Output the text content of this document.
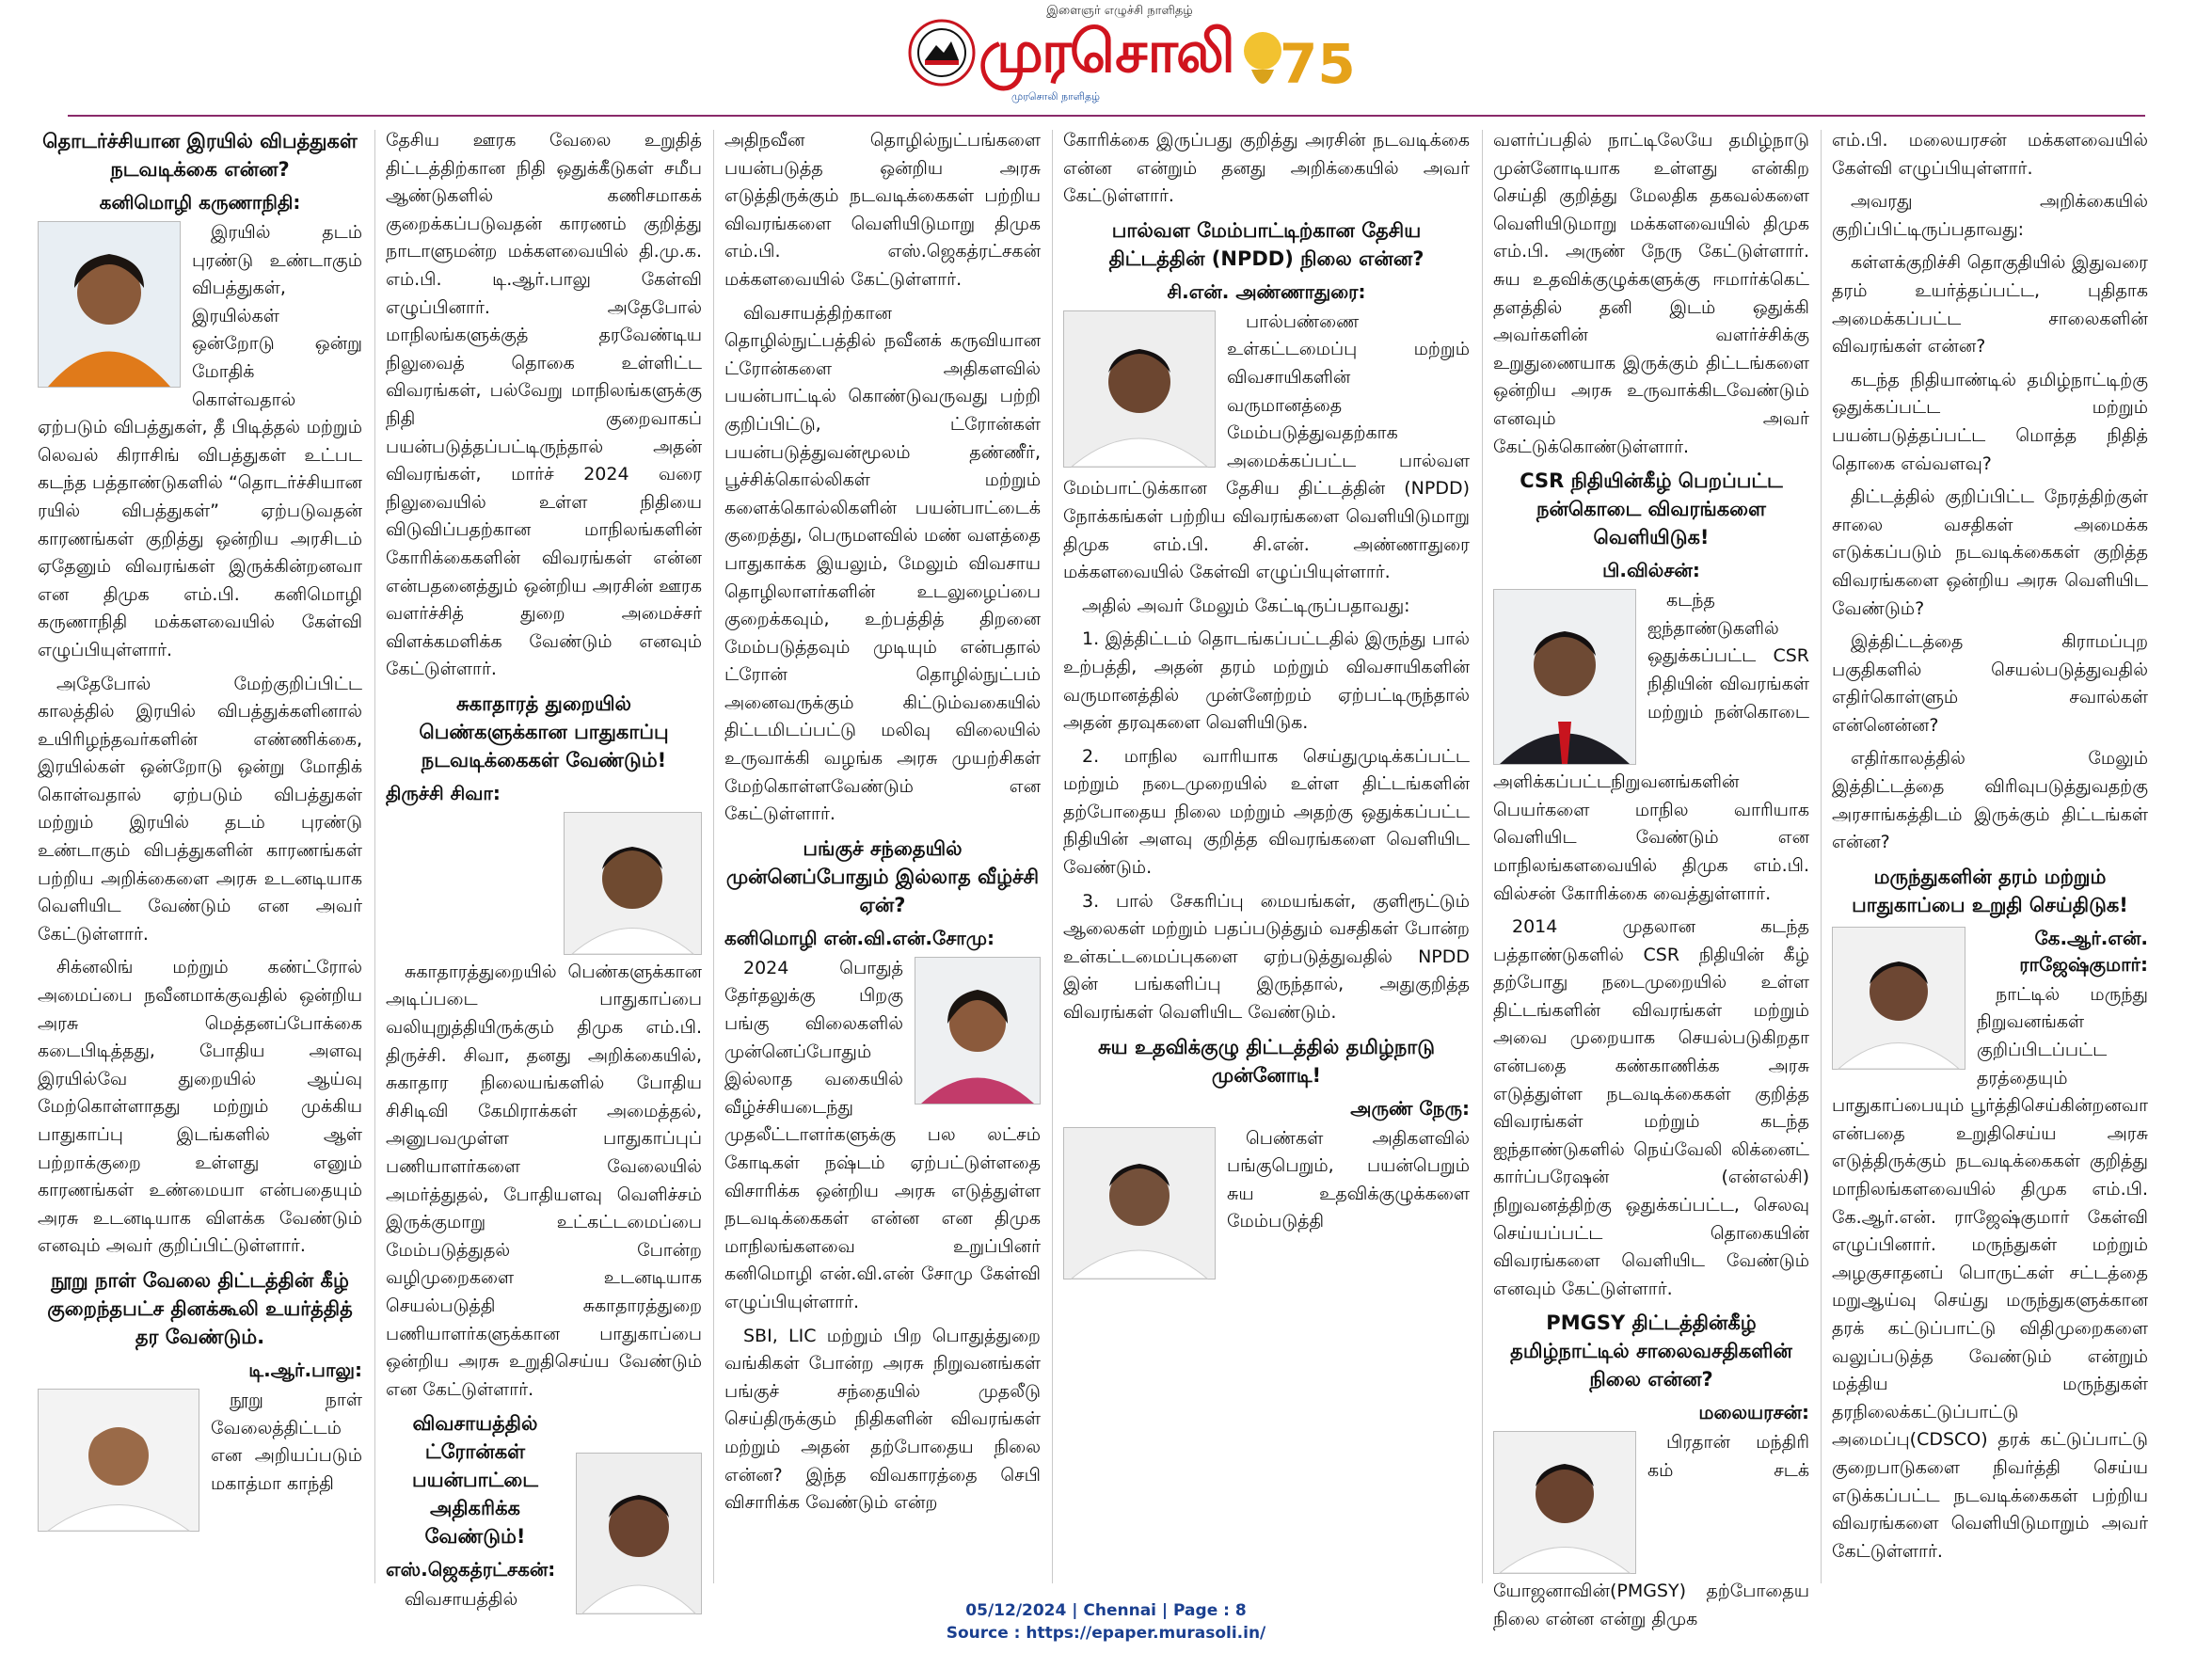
இளைஞர் எழுச்சி நாளிதழ்
முரசொலி
முரசொலி நாளிதழ்
75
தொடர்ச்சியான இரயில் விபத்துகள் நடவடிக்கை என்ன?
கனிமொழி கருணாநிதி:

இரயில் தடம் புரண்டு உண்டாகும் விபத்துகள், இரயில்கள் ஒன்றோடு ஒன்று மோதிக் கொள்வதால் ஏற்படும் விபத்துகள், தீ பிடித்தல் மற்றும் லெவல் கிராசிங் விபத்துகள் உட்பட கடந்த பத்தாண்டுகளில் “தொடர்ச்சியான ரயில் விபத்துகள்” ஏற்படுவதன் காரணங்கள் குறித்து ஒன்றிய அரசிடம் ஏதேனும் விவரங்கள் இருக்கின்றனவா என திமுக எம்.பி. கனிமொழி கருணாநிதி மக்களவையில் கேள்வி எழுப்பியுள்ளார்.

அதேபோல் மேற்குறிப்பிட்ட காலத்தில் இரயில் விபத்துக்களினால் உயிரிழந்தவர்களின் எண்ணிக்கை, இரயில்கள் ஒன்றோடு ஒன்று மோதிக் கொள்வதால் ஏற்படும் விபத்துகள் மற்றும் இரயில் தடம் புரண்டு உண்டாகும் விபத்துகளின் காரணங்கள் பற்றிய அறிக்கைளை அரசு உடனடியாக வெளியிட வேண்டும் என அவர் கேட்டுள்ளார்.

சிக்னலிங் மற்றும் கண்ட்ரோல் அமைப்பை நவீனமாக்குவதில் ஒன்றிய அரசு மெத்தனப்போக்கை கடைபிடித்தது, போதிய அளவு இரயில்வே துறையில் ஆய்வு மேற்கொள்ளாதது மற்றும் முக்கிய பாதுகாப்பு இடங்களில் ஆள் பற்றாக்குறை உள்ளது எனும் காரணங்கள் உண்மையா என்பதையும் அரசு உடனடியாக விளக்க வேண்டும் எனவும் அவர் குறிப்பிட்டுள்ளார்.

நூறு நாள் வேலை திட்டத்தின் கீழ் குறைந்தபட்ச தினக்கூலி உயர்த்தித் தர வேண்டும்.
டி.ஆர்.பாலு:

நூறு நாள் வேலைத்திட்டம் என அறியப்படும் மகாத்மா காந்தி

தேசிய ஊரக வேலை உறுதித் திட்டத்திற்கான நிதி ஒதுக்கீடுகள் சமீப ஆண்டுகளில் கணிசமாகக் குறைக்கப்படுவதன் காரணம் குறித்து நாடாளுமன்ற மக்களவையில் தி.மு.க. எம்.பி. டி.ஆர்.பாலு கேள்வி எழுப்பினார். அதேபோல் மாநிலங்களுக்குத் தரவேண்டிய நிலுவைத் தொகை உள்ளிட்ட விவரங்கள், பல்வேறு மாநிலங்களுக்கு நிதி குறைவாகப் பயன்படுத்தப்பட்டிருந்தால் அதன் விவரங்கள், மார்ச் 2024 வரை நிலுவையில் உள்ள நிதியை விடுவிப்பதற்கான மாநிலங்களின் கோரிக்கைகளின் விவரங்கள் என்ன என்பதனைத்தும் ஒன்றிய அரசின் ஊரக வளர்ச்சித் துறை அமைச்சர் விளக்கமளிக்க வேண்டும் எனவும் கேட்டுள்ளார்.

சுகாதாரத் துறையில் பெண்களுக்கான பாதுகாப்பு நடவடிக்கைகள் வேண்டும்!
திருச்சி சிவா:

சுகாதாரத்துறையில் பெண்களுக்கான அடிப்படை பாதுகாப்பை வலியுறுத்தியிருக்கும் திமுக எம்.பி. திருச்சி. சிவா, தனது அறிக்கையில், சுகாதார நிலையங்களில் போதிய சிசிடிவி கேமிராக்கள் அமைத்தல், அனுபவமுள்ள பாதுகாப்புப் பணியாளர்களை வேலையில் அமர்த்துதல், போதியளவு வெளிச்சம் இருக்குமாறு உட்கட்டமைப்பை மேம்படுத்துதல் போன்ற வழிமுறைகளை உடனடியாக செயல்படுத்தி சுகாதாரத்துறை பணியாளர்களுக்கான பாதுகாப்பை ஒன்றிய அரசு உறுதிசெய்ய வேண்டும் என கேட்டுள்ளார்.

விவசாயத்தில் ட்ரோன்கள் பயன்பாட்டை அதிகரிக்க வேண்டும்!
எஸ்.ஜெகத்ரட்சகன்:

விவசாயத்தில்

அதிநவீன தொழில்நுட்பங்களை பயன்படுத்த ஒன்றிய அரசு எடுத்திருக்கும் நடவடிக்கைகள் பற்றிய விவரங்களை வெளியிடுமாறு திமுக எம்.பி. எஸ்.ஜெகத்ரட்சகன் மக்களவையில் கேட்டுள்ளார்.

விவசாயத்திற்கான தொழில்நுட்பத்தில் நவீனக் கருவியான ட்ரோன்களை அதிகளவில் பயன்பாட்டில் கொண்டுவருவது பற்றி குறிப்பிட்டு, ட்ரோன்கள் பயன்படுத்துவன்மூலம் தண்ணீர், பூச்சிக்கொல்லிகள் மற்றும் களைக்கொல்லிகளின் பயன்பாட்டைக் குறைத்து, பெருமளவில் மண் வளத்தை பாதுகாக்க இயலும், மேலும் விவசாய தொழிலாளர்களின் உடலுழைப்பை குறைக்கவும், உற்பத்தித் திறனை மேம்படுத்தவும் முடியும் என்பதால் ட்ரோன் தொழில்நுட்பம் அனைவருக்கும் கிட்டும்வகையில் திட்டமிடப்பட்டு மலிவு விலையில் உருவாக்கி வழங்க அரசு முயற்சிகள் மேற்கொள்ளவேண்டும் என கேட்டுள்ளார்.

பங்குச் சந்தையில் முன்னெப்போதும் இல்லாத வீழ்ச்சி ஏன்?
கனிமொழி என்.வி.என்.சோமு:

2024 பொதுத் தேர்தலுக்கு பிறகு பங்கு விலைகளில் முன்னெப்போதும் இல்லாத வகையில் வீழ்ச்சியடைந்து முதலீட்டாளர்களுக்கு பல லட்சம் கோடிகள் நஷ்டம் ஏற்பட்டுள்ளதை விசாரிக்க ஒன்றிய அரசு எடுத்துள்ள நடவடிக்கைகள் என்ன என திமுக மாநிலங்களவை உறுப்பினர் கனிமொழி என்.வி.என் சோமு கேள்வி எழுப்பியுள்ளார்.

SBI, LIC மற்றும் பிற பொதுத்துறை வங்கிகள் போன்ற அரசு நிறுவனங்கள் பங்குச் சந்தையில் முதலீடு செய்திருக்கும் நிதிகளின் விவரங்கள் மற்றும் அதன் தற்போதைய நிலை என்ன? இந்த விவகாரத்தை செபி விசாரிக்க வேண்டும் என்ற

கோரிக்கை இருப்பது குறித்து அரசின் நடவடிக்கை என்ன என்றும் தனது அறிக்கையில் அவர் கேட்டுள்ளார்.

பால்வள மேம்பாட்டிற்கான தேசிய திட்டத்தின் (NPDD) நிலை என்ன?
சி.என். அண்ணாதுரை:

பால்பண்ணை உள்கட்டமைப்பு மற்றும் விவசாயிகளின் வருமானத்தை மேம்படுத்துவதற்காக அமைக்கப்பட்ட பால்வள மேம்பாட்டுக்கான தேசிய திட்டத்தின் (NPDD) நோக்கங்கள் பற்றிய விவரங்களை வெளியிடுமாறு திமுக எம்.பி. சி.என். அண்ணாதுரை மக்களவையில் கேள்வி எழுப்பியுள்ளார்.

அதில் அவர் மேலும் கேட்டிருப்பதாவது:

1. இத்திட்டம் தொடங்கப்பட்டதில் இருந்து பால் உற்பத்தி, அதன் தரம் மற்றும் விவசாயிகளின் வருமானத்தில் முன்னேற்றம் ஏற்பட்டிருந்தால் அதன் தரவுகளை வெளியிடுக.

2. மாநில வாரியாக செய்துமுடிக்கப்பட்ட மற்றும் நடைமுறையில் உள்ள திட்டங்களின் தற்போதைய நிலை மற்றும் அதற்கு ஒதுக்கப்பட்ட நிதியின் அளவு குறித்த விவரங்களை வெளியிட வேண்டும்.

3. பால் சேகரிப்பு மையங்கள், குளிரூட்டும் ஆலைகள் மற்றும் பதப்படுத்தும் வசதிகள் போன்ற உள்கட்டமைப்புகளை ஏற்படுத்துவதில் NPDD இன் பங்களிப்பு இருந்தால், அதுகுறித்த விவரங்கள் வெளியிட வேண்டும்.

சுய உதவிக்குழு திட்டத்தில் தமிழ்நாடு முன்னோடி!
அருண் நேரு:

பெண்கள் அதிகளவில் பங்குபெறும், பயன்பெறும் சுய உதவிக்குழுக்களை மேம்படுத்தி

வளர்ப்பதில் நாட்டிலேயே தமிழ்நாடு முன்னோடியாக உள்ளது என்கிற செய்தி குறித்து மேலதிக தகவல்களை வெளியிடுமாறு மக்களவையில் திமுக எம்.பி. அருண் நேரு கேட்டுள்ளார். சுய உதவிக்குழுக்களுக்கு ஈமார்க்கெட் தளத்தில் தனி இடம் ஒதுக்கி அவர்களின் வளர்ச்சிக்கு உறுதுணையாக இருக்கும் திட்டங்களை ஒன்றிய அரசு உருவாக்கிடவேண்டும் எனவும் அவர் கேட்டுக்கொண்டுள்ளார்.

CSR நிதியின்கீழ் பெறப்பட்ட நன்கொடை விவரங்களை வெளியிடுக!
பி.வில்சன்:

கடந்த ஐந்தாண்டுகளில் ஒதுக்கப்பட்ட CSR நிதியின் விவரங்கள் மற்றும் நன்கொடை அளிக்கப்பட்டநிறுவனங்களின் பெயர்களை மாநில வாரியாக வெளியிட வேண்டும் என மாநிலங்களவையில் திமுக எம்.பி. வில்சன் கோரிக்கை வைத்துள்ளார்.

2014 முதலான கடந்த பத்தாண்டுகளில் CSR நிதியின் கீழ் தற்போது நடைமுறையில் உள்ள திட்டங்களின் விவரங்கள் மற்றும் அவை முறையாக செயல்படுகிறதா என்பதை கண்காணிக்க அரசு எடுத்துள்ள நடவடிக்கைகள் குறித்த விவரங்கள் மற்றும் கடந்த ஐந்தாண்டுகளில் நெய்வேலி லிக்னைட் கார்ப்பரேஷன் (என்எல்சி) நிறுவனத்திற்கு ஒதுக்கப்பட்ட, செலவு செய்யப்பட்ட தொகையின் விவரங்களை வெளியிட வேண்டும் எனவும் கேட்டுள்ளார்.

PMGSY திட்டத்தின்கீழ் தமிழ்நாட்டில் சாலைவசதிகளின் நிலை என்ன?
மலையரசன்:

பிரதான் மந்திரி கம் சடக் யோஜனாவின்(PMGSY) தற்போதைய நிலை என்ன என்று திமுக

எம்.பி. மலையரசன் மக்களவையில் கேள்வி எழுப்பியுள்ளார்.

அவரது அறிக்கையில் குறிப்பிட்டிருப்பதாவது:

கள்ளக்குறிச்சி தொகுதியில் இதுவரை தரம் உயர்த்தப்பட்ட, புதிதாக அமைக்கப்பட்ட சாலைகளின் விவரங்கள் என்ன?

கடந்த நிதியாண்டில் தமிழ்நாட்டிற்கு ஒதுக்கப்பட்ட மற்றும் பயன்படுத்தப்பட்ட மொத்த நிதித் தொகை எவ்வளவு?

திட்டத்தில் குறிப்பிட்ட நேரத்திற்குள் சாலை வசதிகள் அமைக்க எடுக்கப்படும் நடவடிக்கைகள் குறித்த விவரங்களை ஒன்றிய அரசு வெளியிட வேண்டும்?

இத்திட்டத்தை கிராமப்புற பகுதிகளில் செயல்படுத்துவதில் எதிர்கொள்ளும் சவால்கள் என்னென்ன?

எதிர்காலத்தில் மேலும் இத்திட்டத்தை விரிவுபடுத்துவதற்கு அரசாங்கத்திடம் இருக்கும் திட்டங்கள் என்ன?

மருந்துகளின் தரம் மற்றும் பாதுகாப்பை உறுதி செய்திடுக!
கே.ஆர்.என். ராஜேஷ்குமார்:

நாட்டில் மருந்து நிறுவனங்கள் குறிப்பிடப்பட்ட தரத்தையும் பாதுகாப்பையும் பூர்த்திசெய்கின்றனவா என்பதை உறுதிசெய்ய அரசு எடுத்திருக்கும் நடவடிக்கைகள் குறித்து மாநிலங்களவையில் திமுக எம்.பி. கே.ஆர்.என். ராஜேஷ்குமார் கேள்வி எழுப்பினார். மருந்துகள் மற்றும் அழகுசாதனப் பொருட்கள் சட்டத்தை மறுஆய்வு செய்து மருந்துகளுக்கான தரக் கட்டுப்பாட்டு விதிமுறைகளை வலுப்படுத்த வேண்டும் என்றும் மத்திய மருந்துகள் தரநிலைக்கட்டுப்பாட்டு அமைப்பு(CDSCO) தரக் கட்டுப்பாட்டு குறைபாடுகளை நிவர்த்தி செய்ய எடுக்கப்பட்ட நடவடிக்கைகள் பற்றிய விவரங்களை வெளியிடுமாறும் அவர் கேட்டுள்ளார்.

05/12/2024 | Chennai | Page : 8
Source : https://epaper.murasoli.in/
